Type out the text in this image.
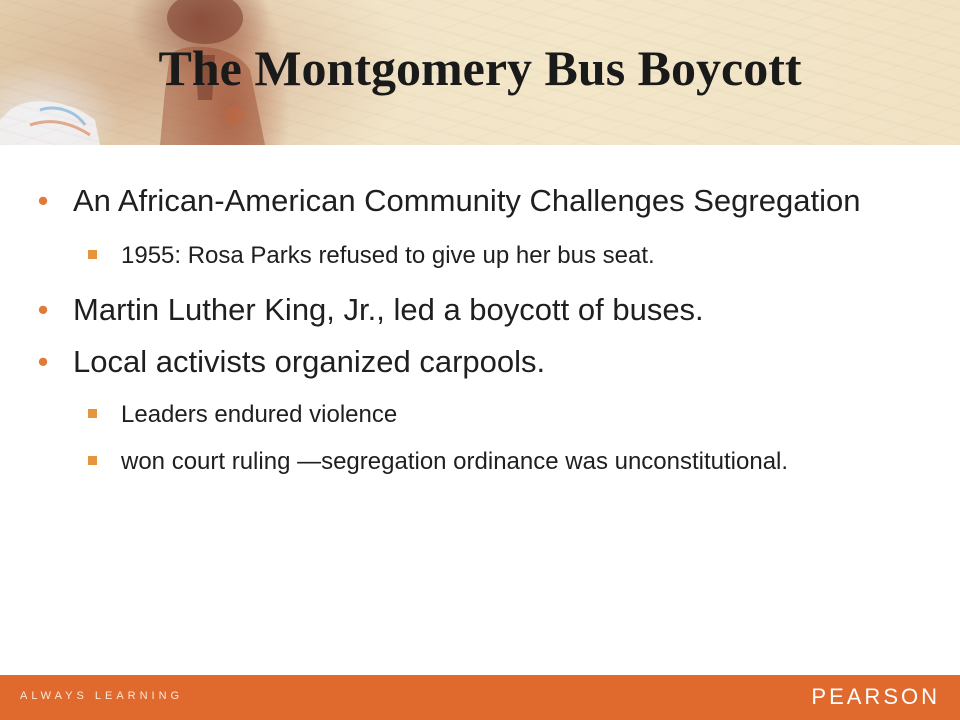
The Montgomery Bus Boycott
• An African-American Community Challenges Segregation
1955: Rosa Parks refused to give up her bus seat.
• Martin Luther King, Jr., led a boycott of buses.
• Local activists organized carpools.
Leaders endured violence
won court ruling —segregation ordinance was unconstitutional.
ALWAYS LEARNING	PEARSON
